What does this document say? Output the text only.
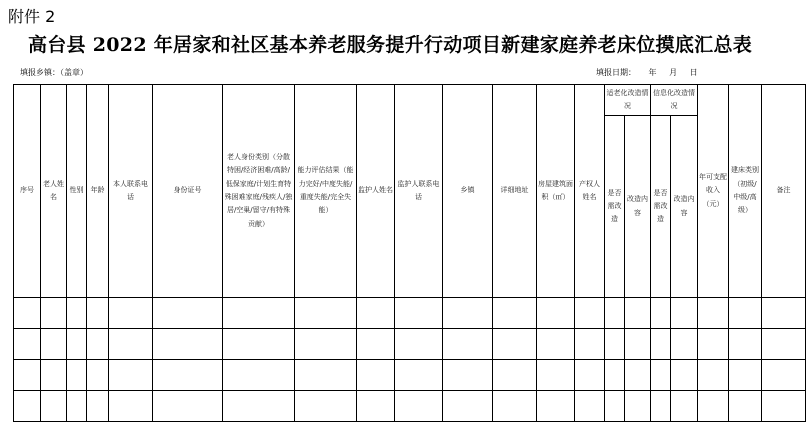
附件 2
高台县 2022 年居家和社区基本养老服务提升行动项目新建家庭养老床位摸底汇总表
填报乡镇：（盖章）	填报日期： 年 月 日
序号	老人姓名	性别	年龄	本人联系电话	身份证号	老人身份类别（分散特困/经济困难/高龄/低保家庭/计划生育特殊困难家庭/残疾人/独居/空巢/留守/有特殊贡献）	能力评估结果（能力完好/中度失能/重度失能/完全失能）	监护人姓名	监护人联系电话	乡镇	详细地址	房屋建筑面积（㎡）	产权人姓名	适老化改造情况		信息化改造情况		年可支配收入（元）	建床类别（初级/中级/高级）	备注
														是否需改造	改造内容	是否需改造	改造内容			
